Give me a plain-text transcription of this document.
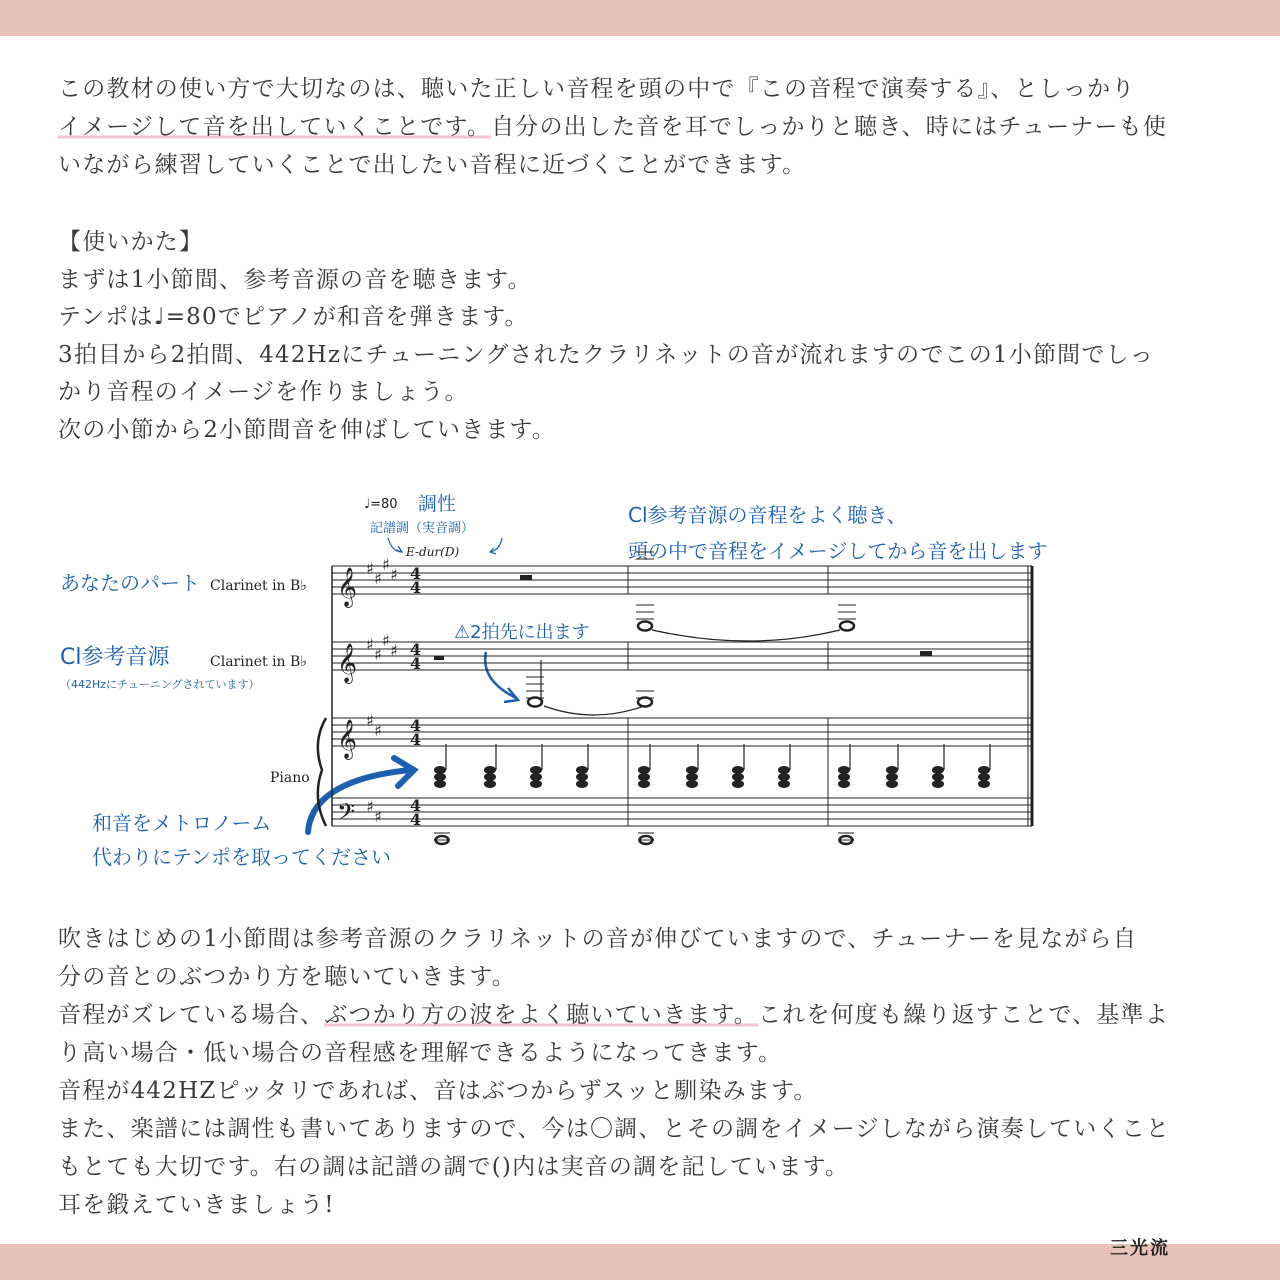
この教材の使い方で大切なのは、聴いた正しい音程を頭の中で『この音程で演奏する』、としっかり

イメージして音を出していくことです。自分の出した音を耳でしっかりと聴き、時にはチューナーも使

いながら練習していくことで出したい音程に近づくことができます。

【使いかた】

まずは1小節間、参考音源の音を聴きます。

テンポは♩=80でピアノが和音を弾きます。

3拍目から2拍間、442Hzにチューニングされたクラリネットの音が流れますのでこの1小節間でしっ

かり音程のイメージを作りましょう。

次の小節から2小節間音を伸ばしていきます。

♩=80 調性
記譜調（実音調）
E-dur(D)
Cl参考音源の音程をよく聴き、
頭の中で音程をイメージしてから音を出します
あなたのパート
Cl参考音源
（442Hzにチューニングされています）
⚠2拍先に出ます
和音をメトロノーム
代わりにテンポを取ってください
Clarinet in B♭
Clarinet in B♭
Piano
𝄞
𝄞
𝄞
𝄢
♯
♯
♯
♯
♯
♯
♯
♯
♯
♯
♯
♯
4
4
4
4
4
4
4
4

吹きはじめの1小節間は参考音源のクラリネットの音が伸びていますので、チューナーを見ながら自

分の音とのぶつかり方を聴いていきます。

音程がズレている場合、ぶつかり方の波をよく聴いていきます。これを何度も繰り返すことで、基準よ

り高い場合・低い場合の音程感を理解できるようになってきます。

音程が442HZピッタリであれば、音はぶつからずスッと馴染みます。

また、楽譜には調性も書いてありますので、今は〇調、とその調をイメージしながら演奏していくこと

もとても大切です。右の調は記譜の調で()内は実音の調を記しています。

耳を鍛えていきましょう!

三光流
